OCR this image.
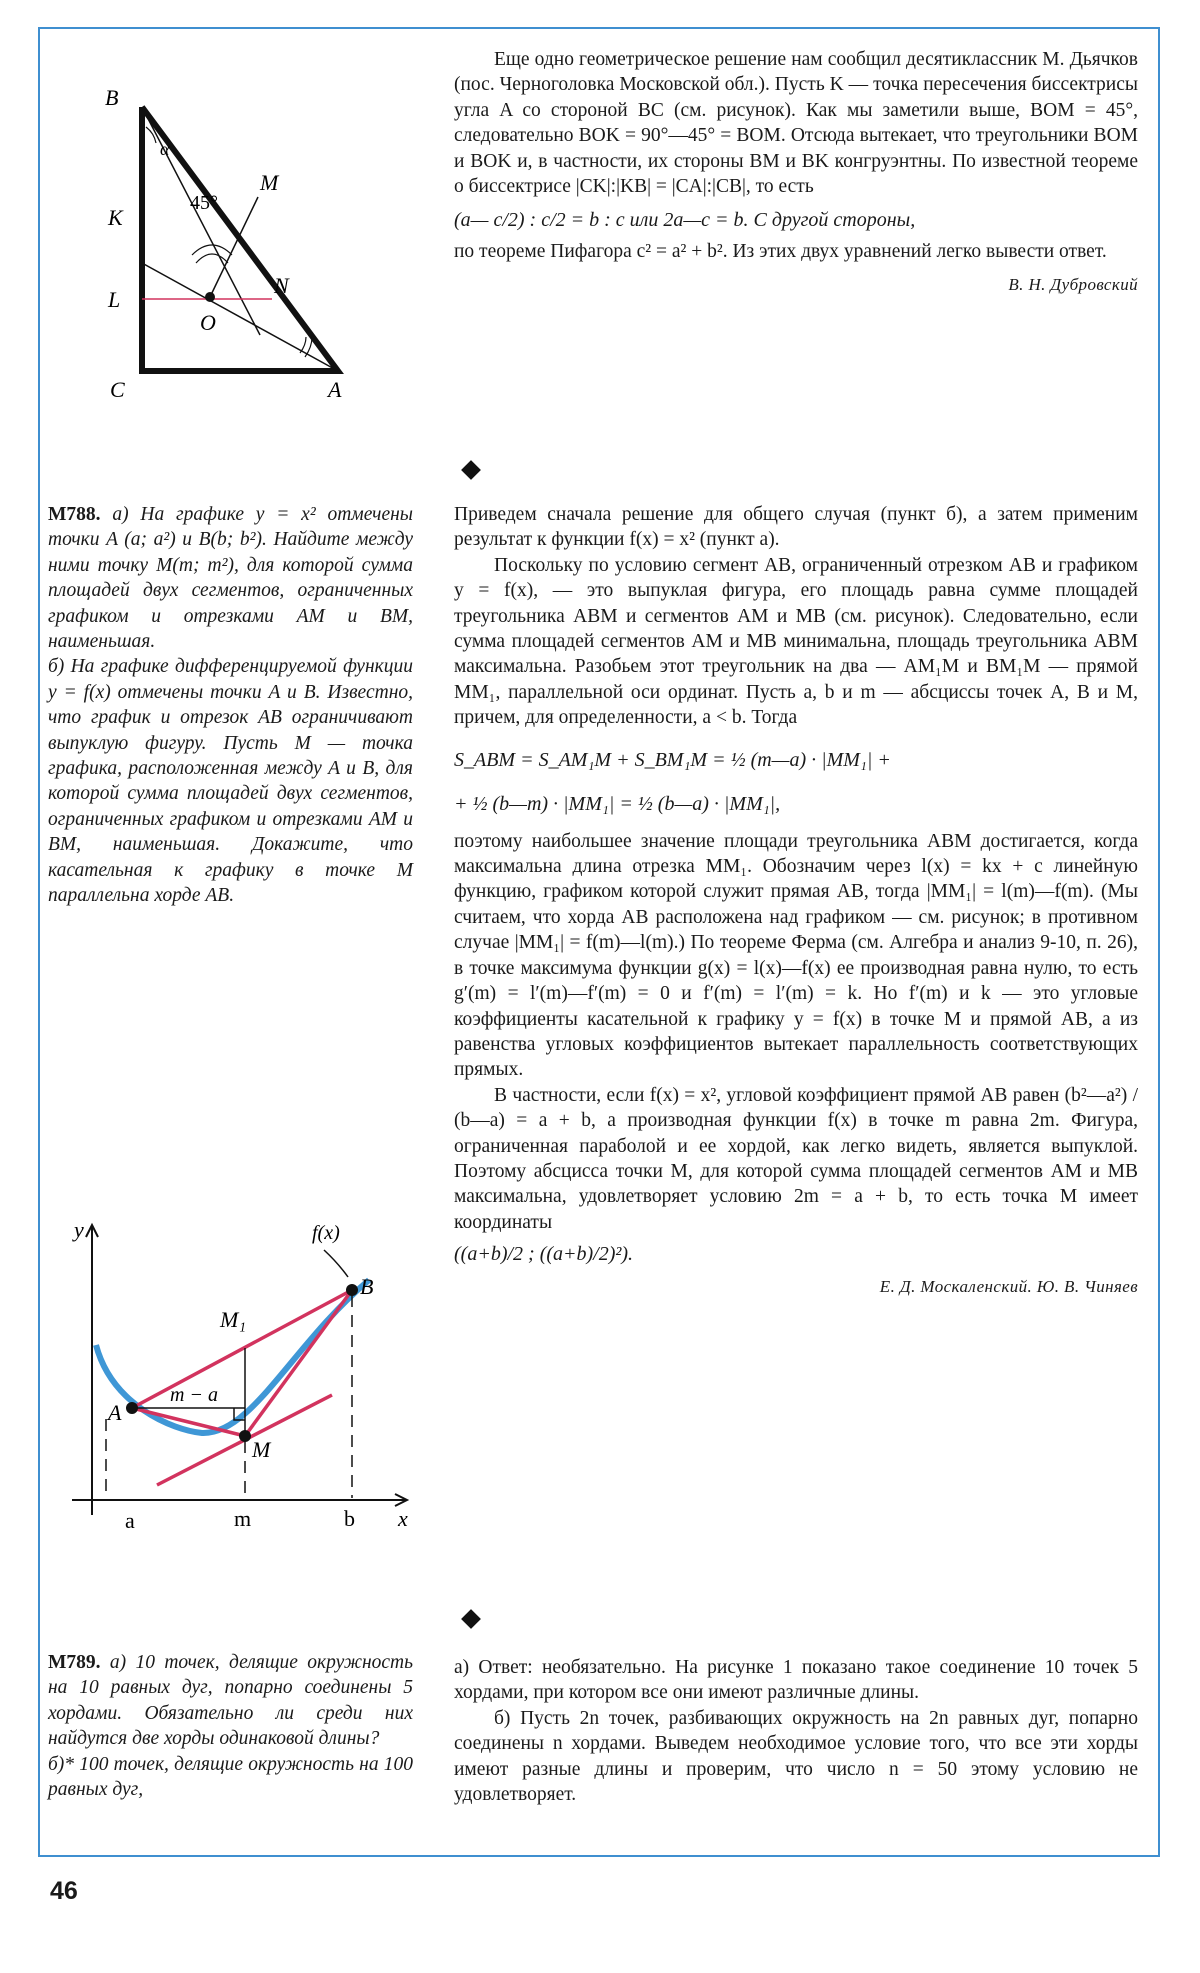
B
α
M
45°
K
L
O
N
C	A

Еще одно геометрическое решение нам сообщил десятиклассник М. Дьячков (пос. Черноголовка Московской обл.). Пусть K — точка пересечения биссектрисы угла A со стороной BC (см. рисунок). Как мы заметили выше, BOM = 45°, следовательно BOK = 90°—45° = BOM. Отсюда вытекает, что треугольники BOM и BOK и, в частности, их стороны BM и BK конгруэнтны. По известной теореме о биссектрисе |CK|:|KB| = |CA|:|CB|, то есть

(a— c/2) : c/2 = b : c или 2a—c = b. С другой стороны,

по теореме Пифагора c² = a² + b². Из этих двух уравнений легко вывести ответ.

В. Н. Дубровский

М788. а) На графике y = x² отмечены точки A (a; a²) и B(b; b²). Найдите между ними точку M(m; m²), для которой сумма площадей двух сегментов, ограниченных графиком и отрезками AM и BM, наименьшая.

б) На графике дифференцируемой функции y = f(x) отмечены точки A и B. Известно, что график и отрезок AB ограничивают выпуклую фигуру. Пусть M — точка графика, расположенная между A и B, для которой сумма площадей двух сегментов, ограниченных графиком и отрезками AM и BM, наименьшая. Докажите, что касательная к графику в точке M параллельна хорде AB.

Приведем сначала решение для общего случая (пункт б), а затем применим результат к функции f(x) = x² (пункт а).

Поскольку по условию сегмент AB, ограниченный отрезком AB и графиком y = f(x), — это выпуклая фигура, его площадь равна сумме площадей треугольника ABM и сегментов AM и MB (см. рисунок). Следовательно, если сумма площадей сегментов AM и MB минимальна, площадь треугольника ABM максимальна. Разобьем этот треугольник на два — AM₁M и BM₁M — прямой MM₁, параллельной оси ординат. Пусть a, b и m — абсциссы точек A, B и M, причем, для определенности, a < b. Тогда

S_ABM = S_AM₁M + S_BM₁M = ½ (m—a) · |MM₁| +

+ ½ (b—m) · |MM₁| = ½ (b—a) · |MM₁|,

поэтому наибольшее значение площади треугольника ABM достигается, когда максимальна длина отрезка MM₁. Обозначим через l(x) = kx + c линейную функцию, графиком которой служит прямая AB, тогда |MM₁| = l(m)—f(m). (Мы считаем, что хорда AB расположена над графиком — см. рисунок; в противном случае |MM₁| = f(m)—l(m).) По теореме Ферма (см. Алгебра и анализ 9-10, п. 26), в точке максимума функции g(x) = l(x)—f(x) ее производная равна нулю, то есть g′(m) = l′(m)—f′(m) = 0 и f′(m) = l′(m) = k. Но f′(m) и k — это угловые коэффициенты касательной к графику y = f(x) в точке M и прямой AB, а из равенства угловых коэффициентов вытекает параллельность соответствующих прямых.

В частности, если f(x) = x², угловой коэффициент прямой AB равен (b²—a²) / (b—a) = a + b, а производная функции f(x) в точке m равна 2m. Фигура, ограниченная параболой и ее хордой, как легко видеть, является выпуклой. Поэтому абсцисса точки M, для которой сумма площадей сегментов AM и MB максимальна, удовлетворяет условию 2m = a + b, то есть точка M имеет координаты

((a+b)/2 ; ((a+b)/2)²).

Е. Д. Москаленский. Ю. В. Чиняев

y	f(x)
B
M₁
m − a
A
M
a	m	b x

М789. а) 10 точек, делящие окружность на 10 равных дуг, попарно соединены 5 хордами. Обязательно ли среди них найдутся две хорды одинаковой длины?

б)* 100 точек, делящие окружность на 100 равных дуг,

а) Ответ: необязательно. На рисунке 1 показано такое соединение 10 точек 5 хордами, при котором все они имеют различные длины.

б) Пусть 2n точек, разбивающих окружность на 2n равных дуг, попарно соединены n хордами. Выведем необходимое условие того, что все эти хорды имеют разные длины и проверим, что число n = 50 этому условию не удовлетворяет.

46
